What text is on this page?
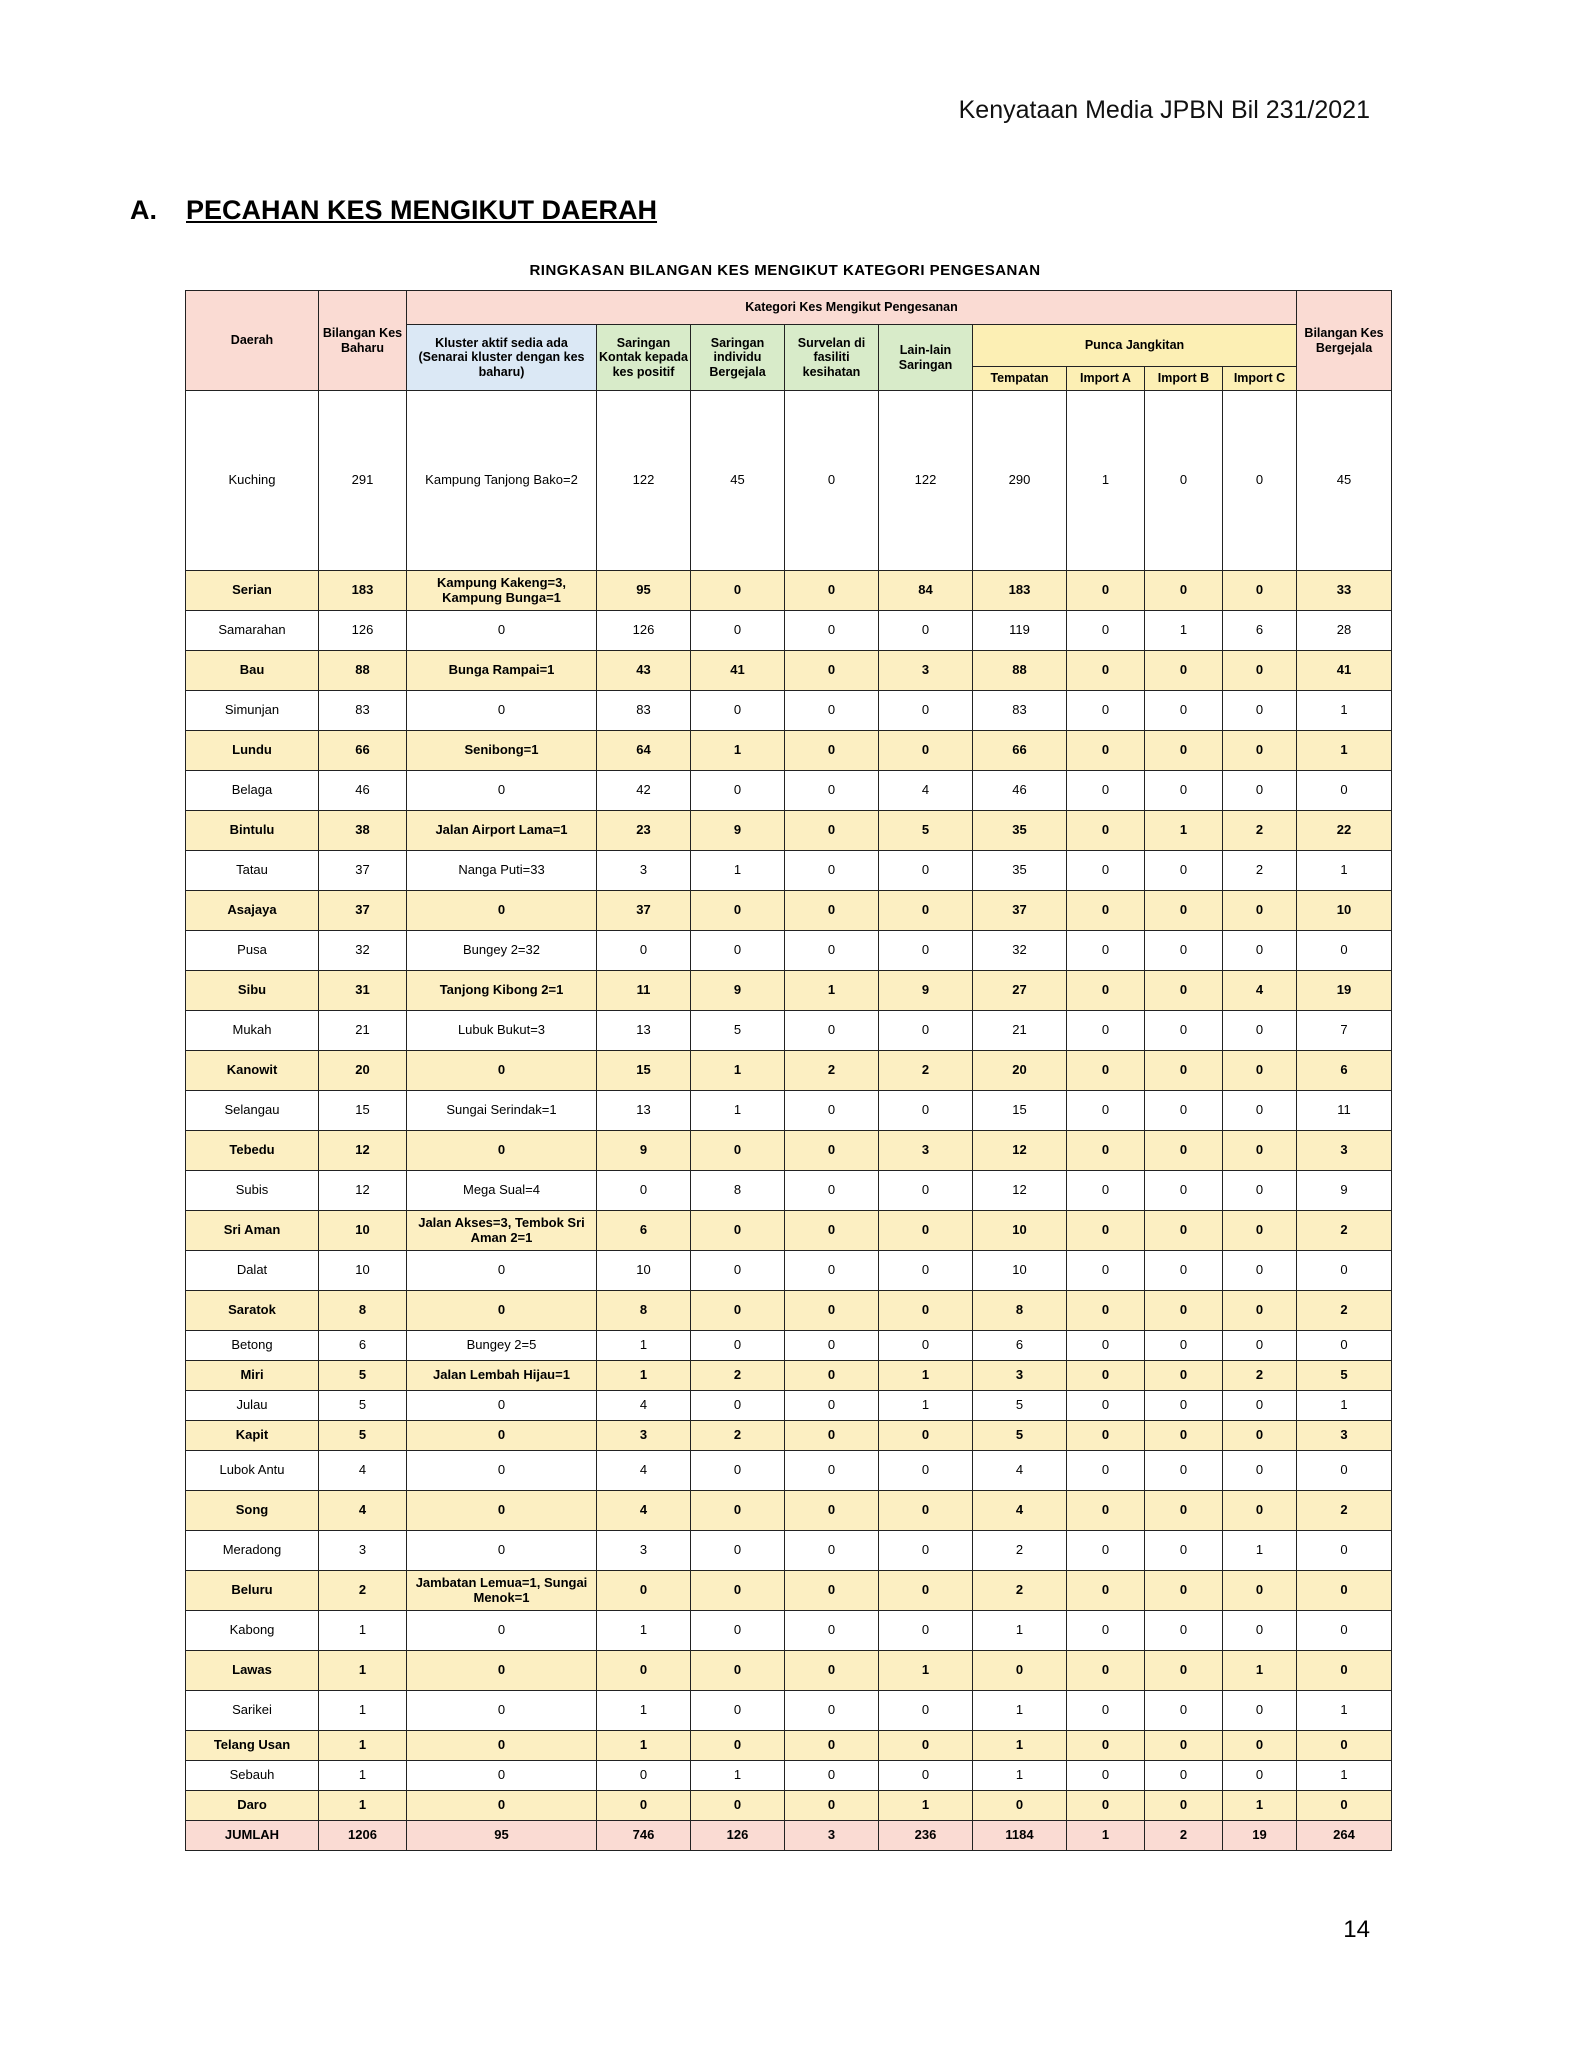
Kenyataan Media JPBN Bil 231/2021
A. PECAHAN KES MENGIKUT DAERAH
RINGKASAN BILANGAN KES MENGIKUT KATEGORI PENGESANAN
Daerah	Bilangan Kes Baharu	Kategori Kes Mengikut Pengesanan									Bilangan Kes Bergejala
		Kluster aktif sedia ada (Senarai kluster dengan kes baharu)	Saringan Kontak kepada kes positif	Saringan individu Bergejala	Survelan di fasiliti kesihatan	Lain-lain Saringan	Punca Jangkitan				
							Tempatan	Import A	Import B	Import C	
Kuching	291	Kampung Tanjong Bako=2	122	45	0	122	290	1	0	0	45
Serian	183	Kampung Kakeng=3, Kampung Bunga=1	95	0	0	84	183	0	0	0	33
Samarahan	126	0	126	0	0	0	119	0	1	6	28
Bau	88	Bunga Rampai=1	43	41	0	3	88	0	0	0	41
Simunjan	83	0	83	0	0	0	83	0	0	0	1
Lundu	66	Senibong=1	64	1	0	0	66	0	0	0	1
Belaga	46	0	42	0	0	4	46	0	0	0	0
Bintulu	38	Jalan Airport Lama=1	23	9	0	5	35	0	1	2	22
Tatau	37	Nanga Puti=33	3	1	0	0	35	0	0	2	1
Asajaya	37	0	37	0	0	0	37	0	0	0	10
Pusa	32	Bungey 2=32	0	0	0	0	32	0	0	0	0
Sibu	31	Tanjong Kibong 2=1	11	9	1	9	27	0	0	4	19
Mukah	21	Lubuk Bukut=3	13	5	0	0	21	0	0	0	7
Kanowit	20	0	15	1	2	2	20	0	0	0	6
Selangau	15	Sungai Serindak=1	13	1	0	0	15	0	0	0	11
Tebedu	12	0	9	0	0	3	12	0	0	0	3
Subis	12	Mega Sual=4	0	8	0	0	12	0	0	0	9
Sri Aman	10	Jalan Akses=3, Tembok Sri Aman 2=1	6	0	0	0	10	0	0	0	2
Dalat	10	0	10	0	0	0	10	0	0	0	0
Saratok	8	0	8	0	0	0	8	0	0	0	2
Betong	6	Bungey 2=5	1	0	0	0	6	0	0	0	0
Miri	5	Jalan Lembah Hijau=1	1	2	0	1	3	0	0	2	5
Julau	5	0	4	0	0	1	5	0	0	0	1
Kapit	5	0	3	2	0	0	5	0	0	0	3
Lubok Antu	4	0	4	0	0	0	4	0	0	0	0
Song	4	0	4	0	0	0	4	0	0	0	2
Meradong	3	0	3	0	0	0	2	0	0	1	0
Beluru	2	Jambatan Lemua=1, Sungai Menok=1	0	0	0	0	2	0	0	0	0
Kabong	1	0	1	0	0	0	1	0	0	0	0
Lawas	1	0	0	0	0	1	0	0	0	1	0
Sarikei	1	0	1	0	0	0	1	0	0	0	1
Telang Usan	1	0	1	0	0	0	1	0	0	0	0
Sebauh	1	0	0	1	0	0	1	0	0	0	1
Daro	1	0	0	0	0	1	0	0	0	1	0
JUMLAH	1206	95	746	126	3	236	1184	1	2	19	264
14
